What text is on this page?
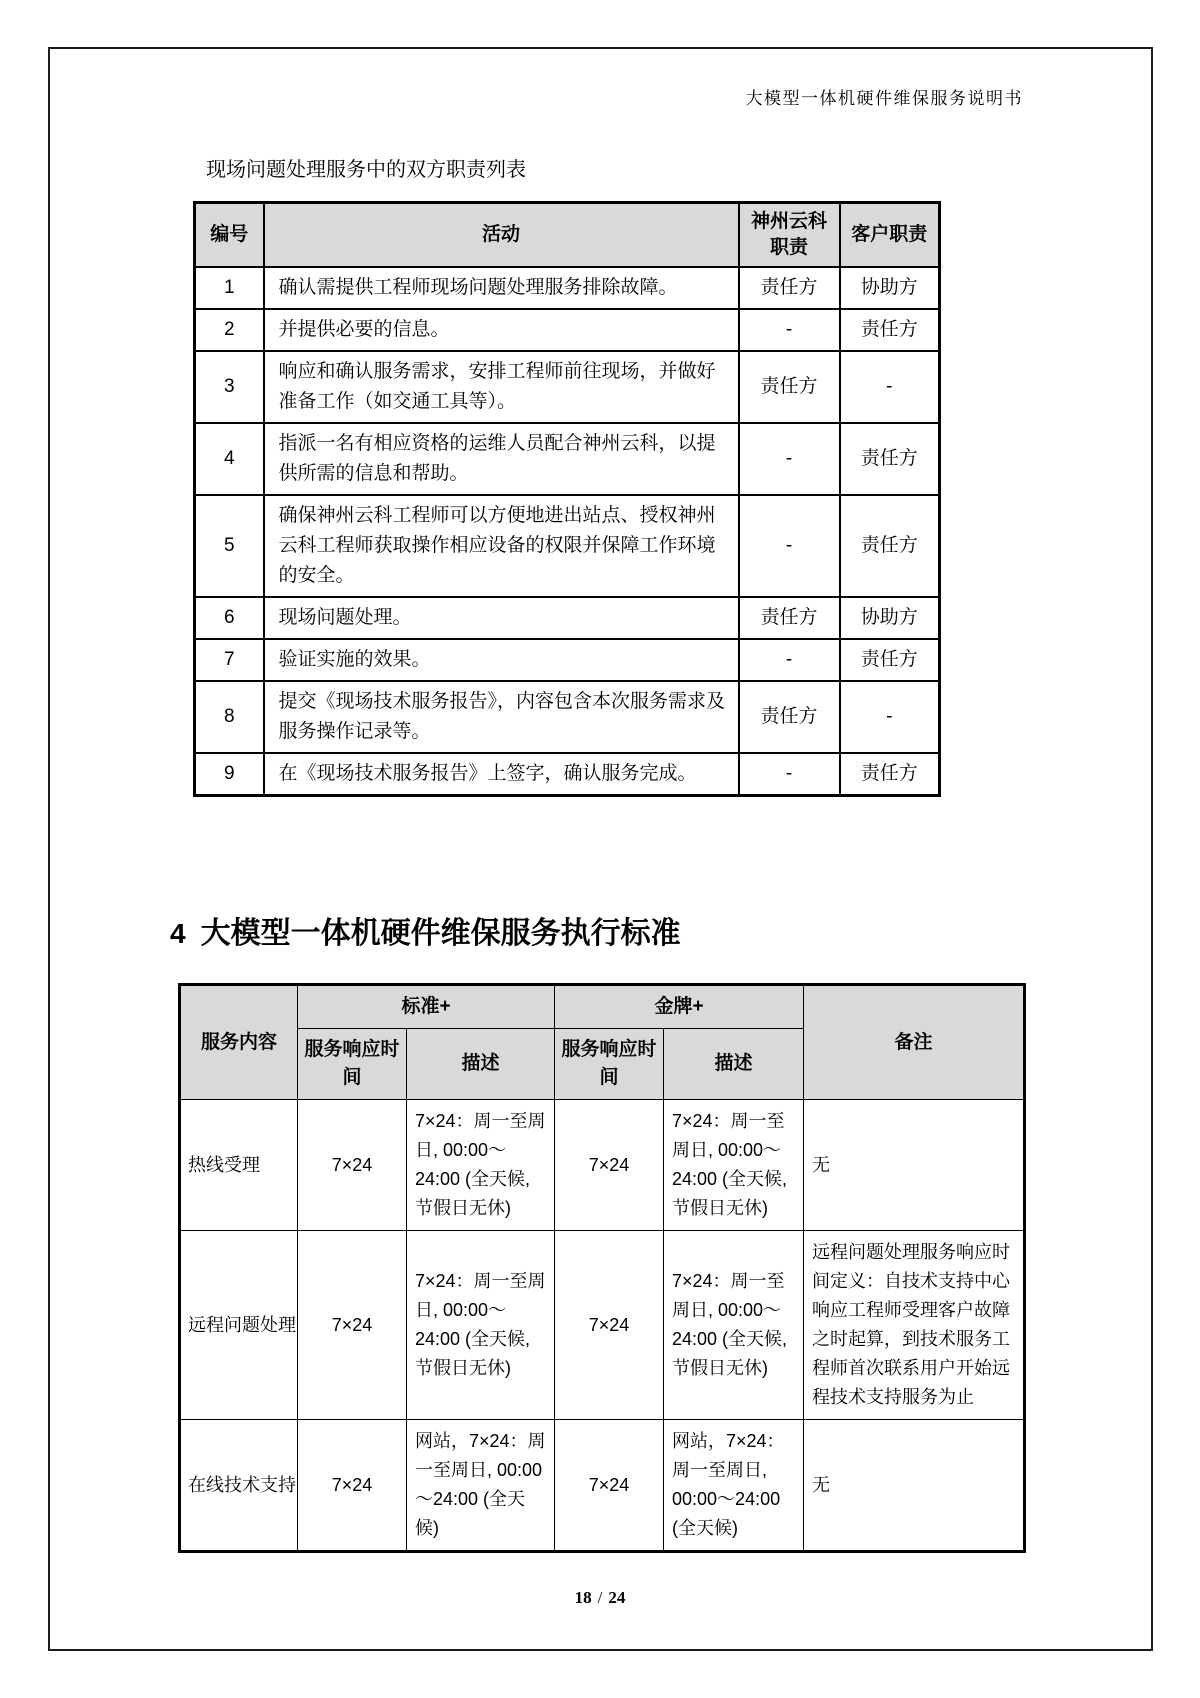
大模型一体机硬件维保服务说明书
现场问题处理服务中的双方职责列表
编号	活动	神州云科职责	客户职责
1	确认需提供工程师现场问题处理服务排除故障。	责任方	协助方
2	并提供必要的信息。	-	责任方
3	响应和确认服务需求，安排工程师前往现场，并做好准备工作（如交通工具等）。	责任方	-
4	指派一名有相应资格的运维人员配合神州云科，以提供所需的信息和帮助。	-	责任方
5	确保神州云科工程师可以方便地进出站点、授权神州云科工程师获取操作相应设备的权限并保障工作环境的安全。	-	责任方
6	现场问题处理。	责任方	协助方
7	验证实施的效果。	-	责任方
8	提交《现场技术服务报告》，内容包含本次服务需求及服务操作记录等。	责任方	-
9	在《现场技术服务报告》上签字，确认服务完成。	-	责任方
4 大模型一体机硬件维保服务执行标准
服务内容	标准+		金牌+		备注
	服务响应时间	描述	服务响应时间	描述	
热线受理	7×24	7×24：周一至周日, 00:00～24:00 (全天候, 节假日无休)	7×24	7×24：周一至周日, 00:00～24:00 (全天候, 节假日无休)	无
远程问题处理	7×24	7×24：周一至周日, 00:00～24:00 (全天候, 节假日无休)	7×24	7×24：周一至周日, 00:00～24:00 (全天候, 节假日无休)	远程问题处理服务响应时间定义：自技术支持中心响应工程师受理客户故障之时起算，到技术服务工程师首次联系用户开始远程技术支持服务为止
在线技术支持	7×24	网站，7×24：周一至周日, 00:00～24:00 (全天候)	7×24	网站，7×24：周一至周日, 00:00～24:00 (全天候)	无
18 / 24
